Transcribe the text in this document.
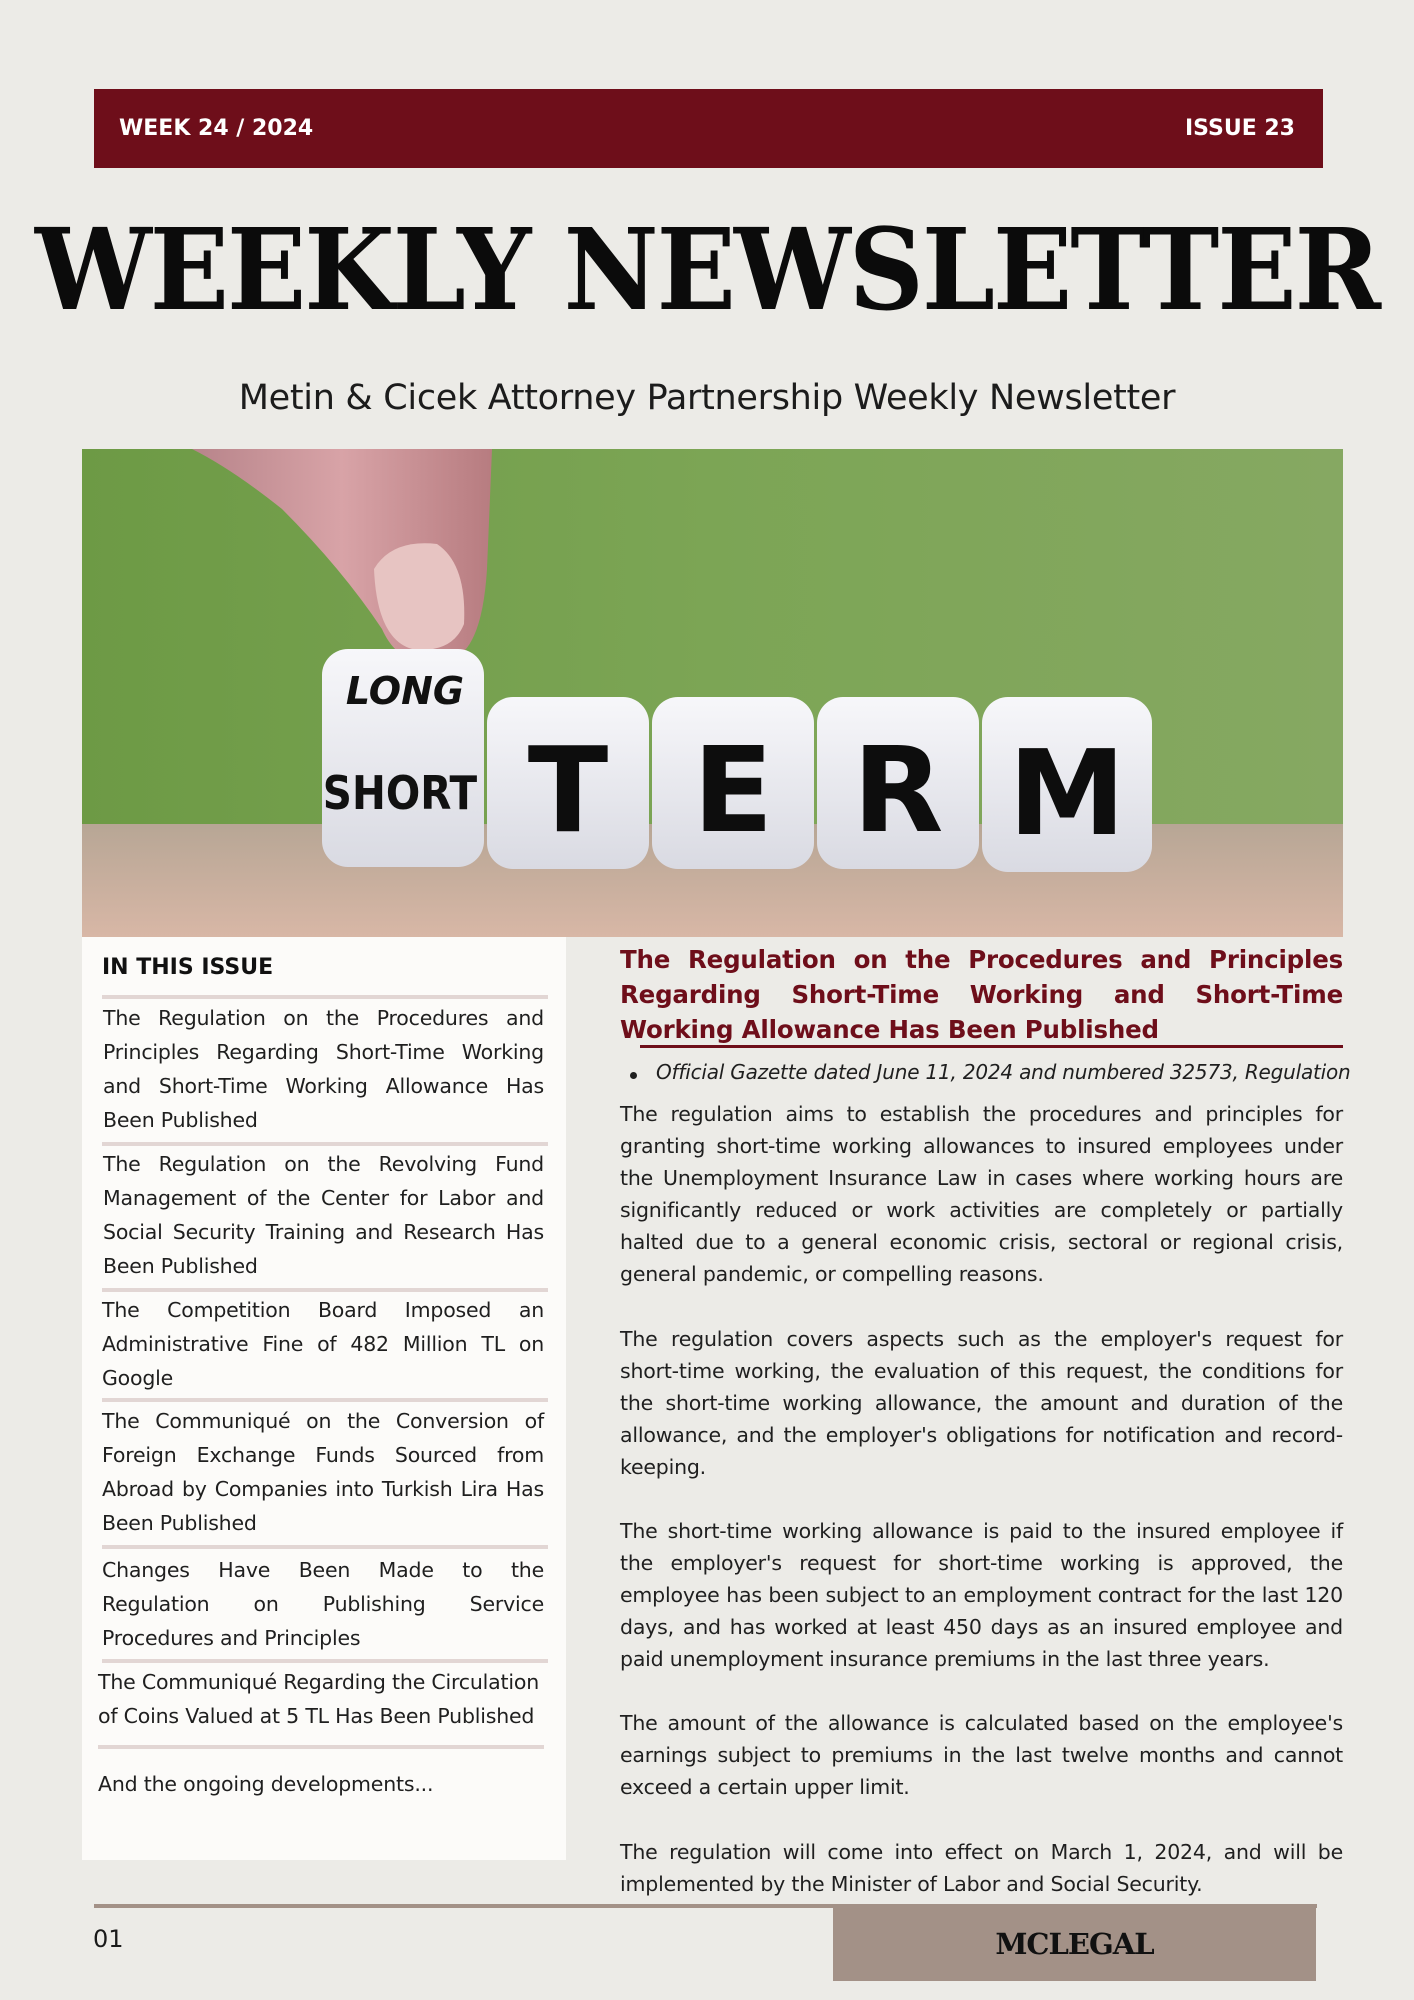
WEEK 24 / 2024	ISSUE 23
WEEKLY NEWSLETTER
Metin & Cicek Attorney Partnership Weekly Newsletter
LONG
SHORT T E R M
IN THIS ISSUE
The Regulation on the Procedures and Principles Regarding Short-Time Working and Short-Time Working Allowance Has Been Published
The Regulation on the Revolving Fund Management of the Center for Labor and Social Security Training and Research Has Been Published
The Competition Board Imposed an Administrative Fine of 482 Million TL on Google
The Communiqué on the Conversion of Foreign Exchange Funds Sourced from Abroad by Companies into Turkish Lira Has Been Published
Changes Have Been Made to the Regulation on Publishing Service Procedures and Principles
The Communiqué Regarding the Circulation of Coins Valued at 5 TL Has Been Published
And the ongoing developments...
The Regulation on the Procedures and Principles Regarding Short-Time Working and Short-Time Working Allowance Has Been Published
Official Gazette dated June 11, 2024 and numbered 32573, Regulation
The regulation aims to establish the procedures and principles for granting short-time working allowances to insured employees under the Unemployment Insurance Law in cases where working hours are significantly reduced or work activities are completely or partially halted due to a general economic crisis, sectoral or regional crisis, general pandemic, or compelling reasons.
The regulation covers aspects such as the employer's request for short-time working, the evaluation of this request, the conditions for the short-time working allowance, the amount and duration of the allowance, and the employer's obligations for notification and record-keeping.
The short-time working allowance is paid to the insured employee if the employer's request for short-time working is approved, the employee has been subject to an employment contract for the last 120 days, and has worked at least 450 days as an insured employee and paid unemployment insurance premiums in the last three years.
The amount of the allowance is calculated based on the employee's earnings subject to premiums in the last twelve months and cannot exceed a certain upper limit.
The regulation will come into effect on March 1, 2024, and will be implemented by the Minister of Labor and Social Security.
01	MCLEGAL
